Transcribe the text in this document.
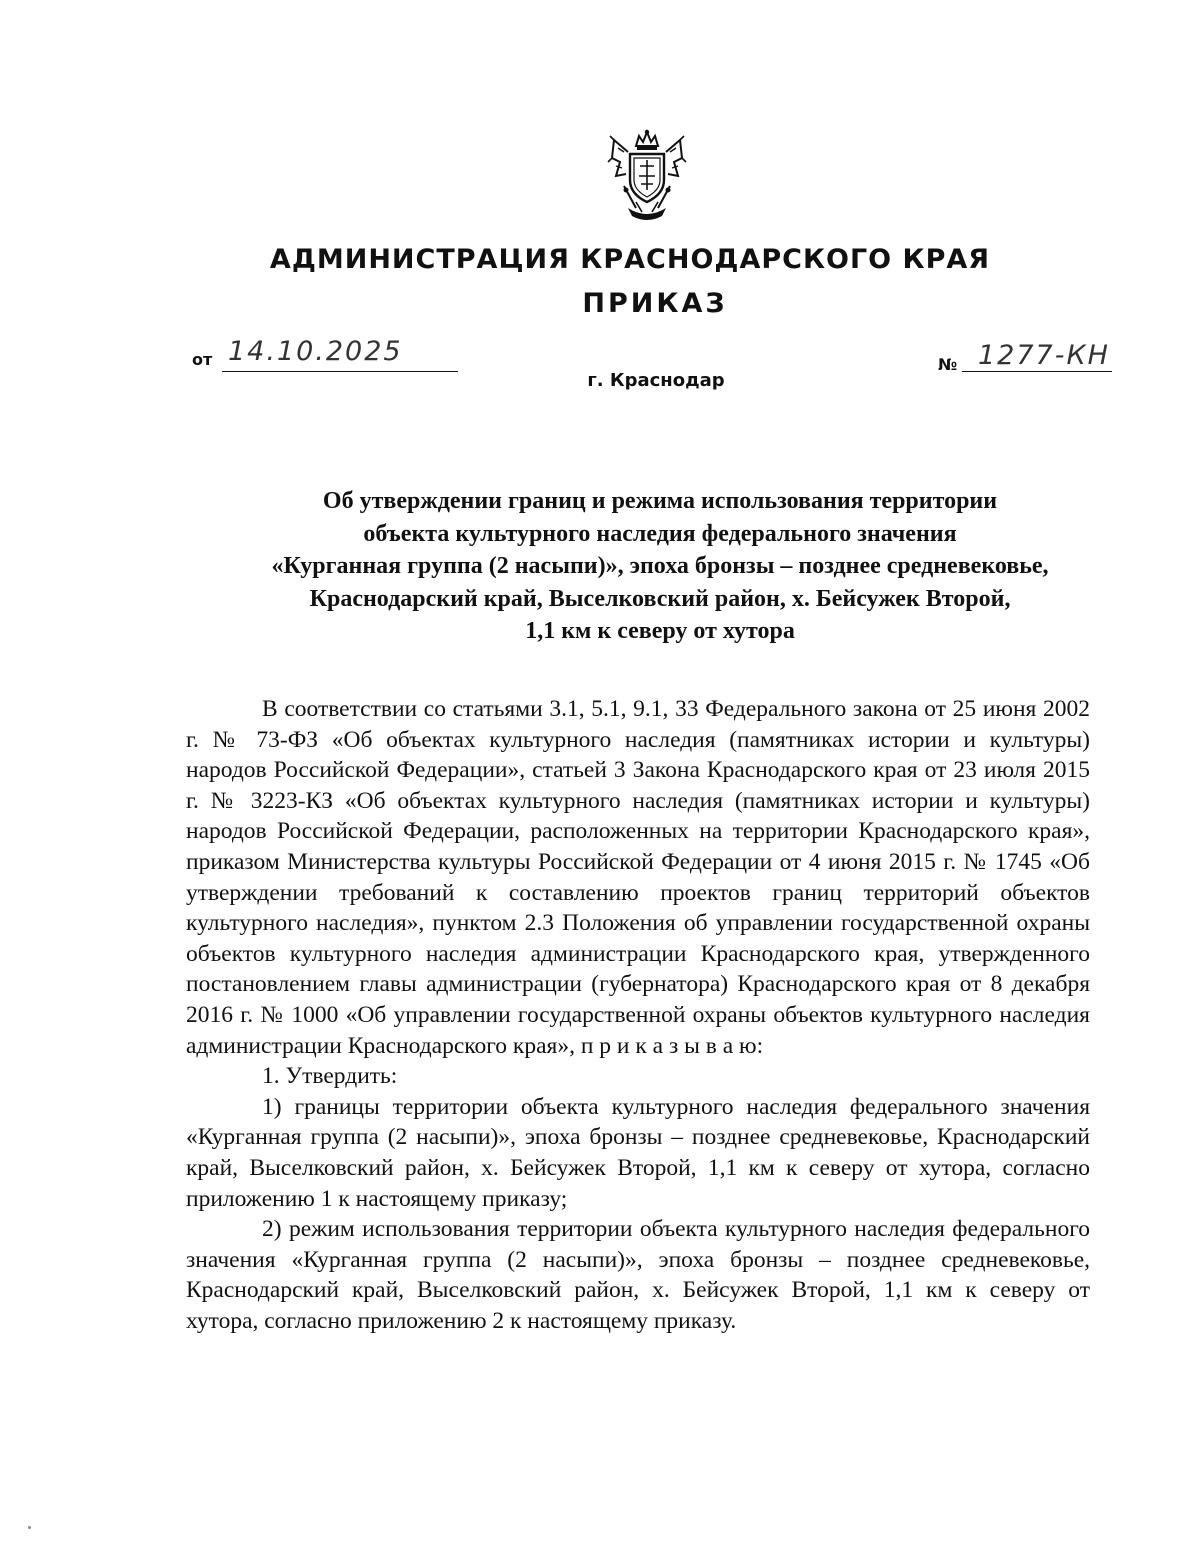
АДМИНИСТРАЦИЯ КРАСНОДАРСКОГО КРАЯ
ПРИКАЗ
от 14.10.2025	№ 1277-КН
г. Краснодар
Об утверждении границ и режима использования территории
объекта культурного наследия федерального значения
«Курганная группа (2 насыпи)», эпоха бронзы – позднее средневековье,
Краснодарский край, Выселковский район, х. Бейсужек Второй,
1,1 км к северу от хутора

В соответствии со статьями 3.1, 5.1, 9.1, 33 Федерального закона от 25 июня 2002 г. № 73-ФЗ «Об объектах культурного наследия (памятниках истории и культуры) народов Российской Федерации», статьей 3 Закона Краснодарского края от 23 июля 2015 г. № 3223-КЗ «Об объектах культурного наследия (памятниках истории и культуры) народов Российской Федерации, расположенных на территории Краснодарского края», приказом Министерства культуры Российской Федерации от 4 июня 2015 г. № 1745 «Об утверждении требований к составлению проектов границ территорий объектов культурного наследия», пунктом 2.3 Положения об управлении государственной охраны объектов культурного наследия администрации Краснодарского края, утвержденного постановлением главы администрации (губернатора) Краснодарского края от 8 декабря 2016 г. № 1000 «Об управлении государственной охраны объектов культурного наследия администрации Краснодарского края», п р и к а з ы в а ю:

1. Утвердить:

1) границы территории объекта культурного наследия федерального значения «Курганная группа (2 насыпи)», эпоха бронзы – позднее средневековье, Краснодарский край, Выселковский район, х. Бейсужек Второй, 1,1 км к северу от хутора, согласно приложению 1 к настоящему приказу;

2) режим использования территории объекта культурного наследия федерального значения «Курганная группа (2 насыпи)», эпоха бронзы – позднее средневековье, Краснодарский край, Выселковский район, х. Бейсужек Второй, 1,1 км к северу от хутора, согласно приложению 2 к настоящему приказу.
